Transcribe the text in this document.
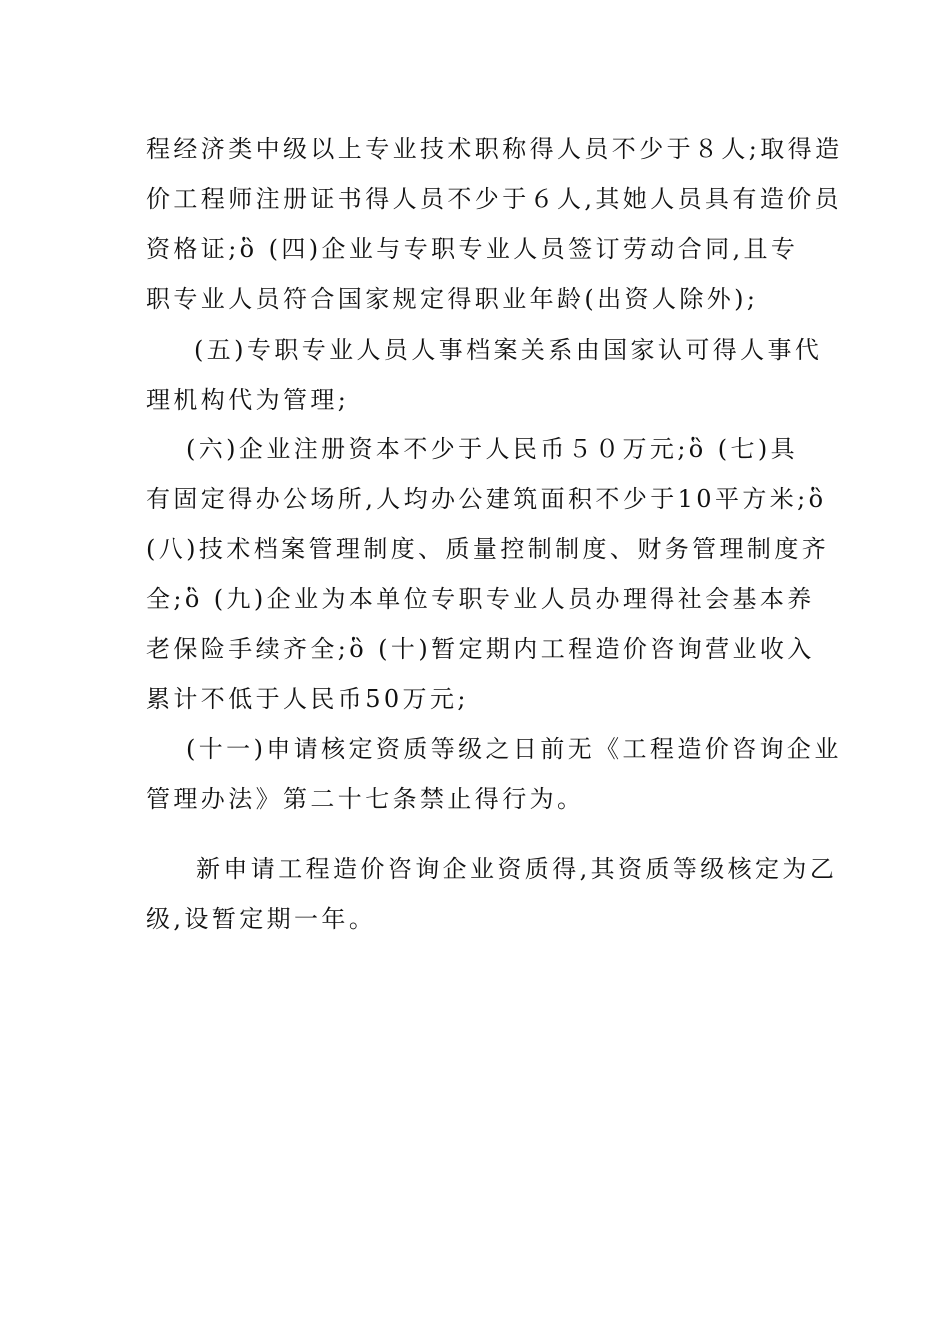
程经济类中级以上专业技术职称得人员不少于８人;取得造
价工程师注册证书得人员不少于６人,其她人员具有造价员
资格证;ὃ (四)企业与专职专业人员签订劳动合同,且专
职专业人员符合国家规定得职业年龄(出资人除外);
(五)专职专业人员人事档案关系由国家认可得人事代
理机构代为管理;
(六)企业注册资本不少于人民币５０万元;ὃ (七)具
有固定得办公场所,人均办公建筑面积不少于10平方米;ὃ
(八)技术档案管理制度、质量控制制度、财务管理制度齐
全;ὃ (九)企业为本单位专职专业人员办理得社会基本养
老保险手续齐全;ὃ (十)暂定期内工程造价咨询营业收入
累计不低于人民币50万元;
(十一)申请核定资质等级之日前无《工程造价咨询企业
管理办法》第二十七条禁止得行为。
新申请工程造价咨询企业资质得,其资质等级核定为乙
级,设暂定期一年。
